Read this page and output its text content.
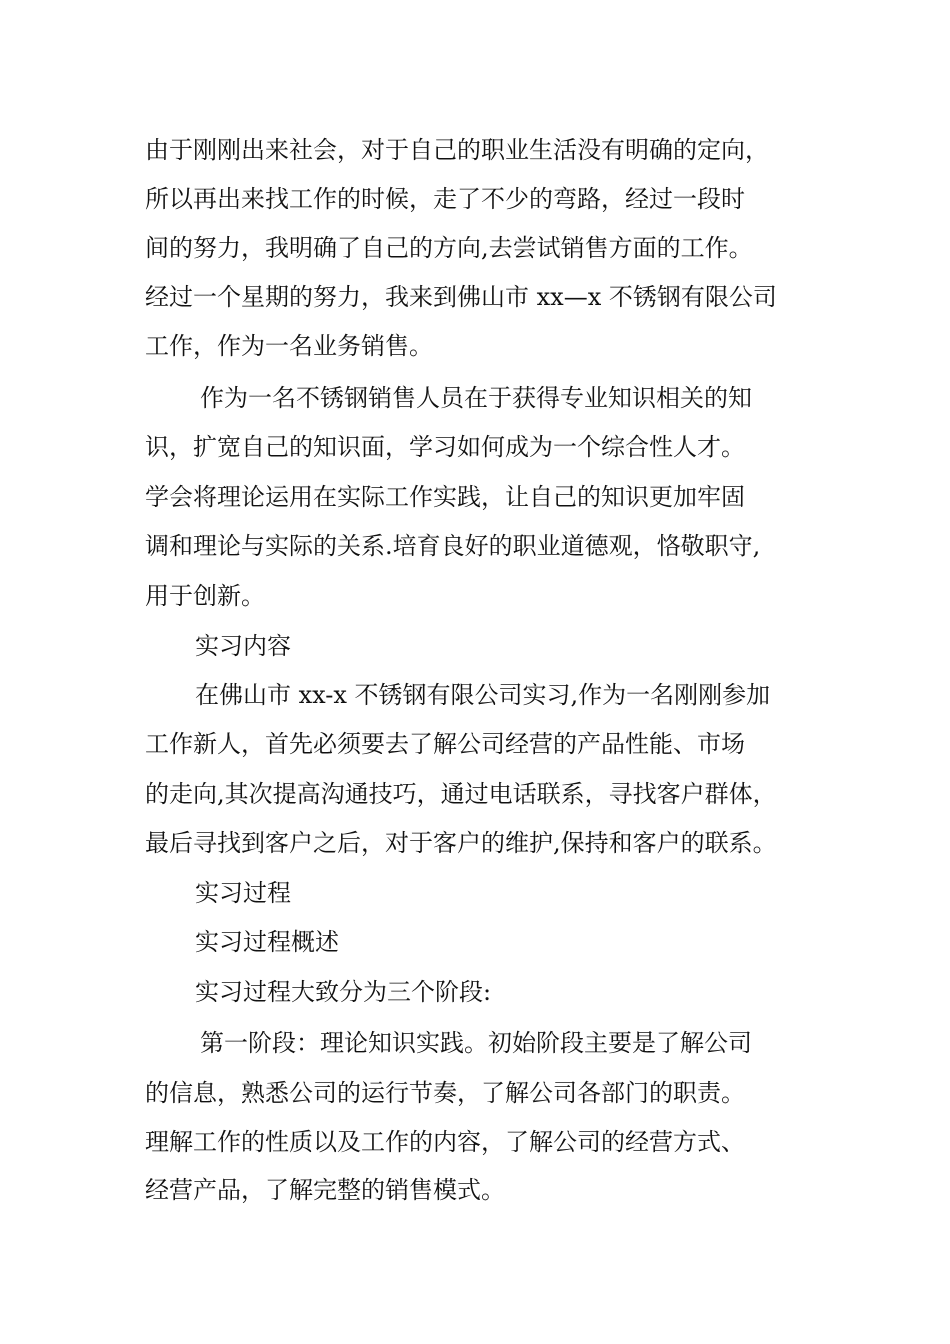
由于刚刚出来社会，对于自己的职业生活没有明确的定向，
所以再出来找工作的时候，走了不少的弯路，经过一段时
间的努力，我明确了自己的方向,去尝试销售方面的工作。
经过一个星期的努力，我来到佛山市 xx—x 不锈钢有限公司
工作，作为一名业务销售。
作为一名不锈钢销售人员在于获得专业知识相关的知
识，扩宽自己的知识面，学习如何成为一个综合性人才。
学会将理论运用在实际工作实践，让自己的知识更加牢固
调和理论与实际的关系.培育良好的职业道德观，恪敬职守,
用于创新。
实习内容
在佛山市 xx-x 不锈钢有限公司实习,作为一名刚刚参加
工作新人，首先必须要去了解公司经营的产品性能、市场
的走向,其次提高沟通技巧，通过电话联系，寻找客户群体，
最后寻找到客户之后，对于客户的维护,保持和客户的联系。
实习过程
实习过程概述
实习过程大致分为三个阶段:
第一阶段：理论知识实践。初始阶段主要是了解公司
的信息，熟悉公司的运行节奏，了解公司各部门的职责。
理解工作的性质以及工作的内容，了解公司的经营方式、
经营产品，了解完整的销售模式。
